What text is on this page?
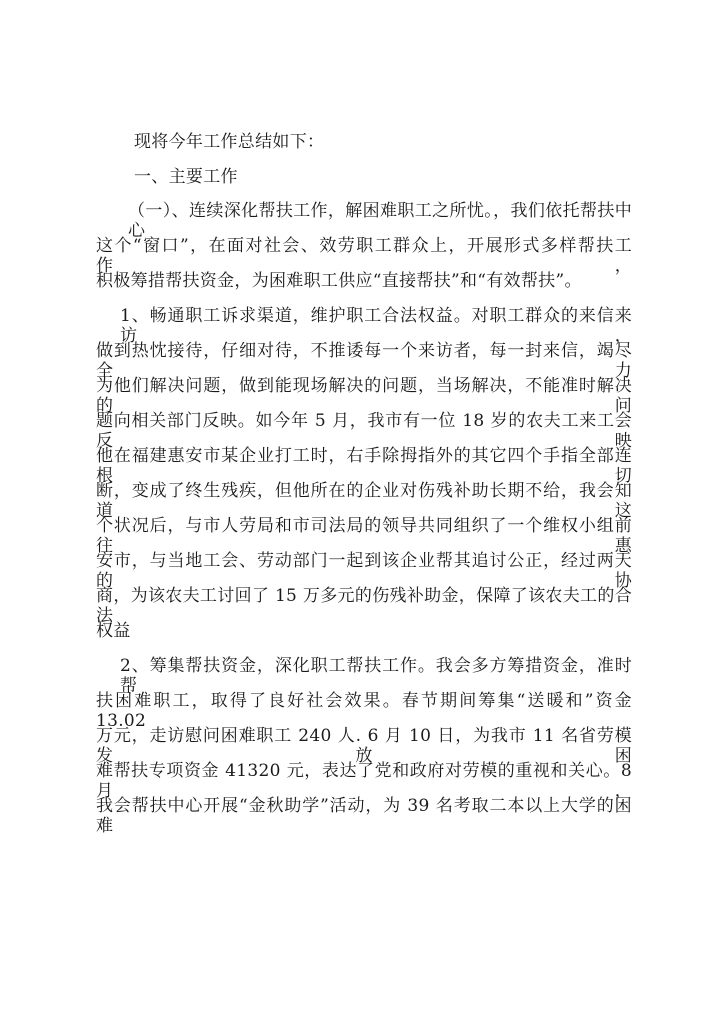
现将今年工作总结如下：
一、主要工作
（一）、连续深化帮扶工作，解困难职工之所忧。，我们依托帮扶中心
这个“窗口”，在面对社会、效劳职工群众上，开展形式多样帮扶工作，
积极筹措帮扶资金，为困难职工供应“直接帮扶”和“有效帮扶”。
1、畅通职工诉求渠道，维护职工合法权益。对职工群众的来信来访，
做到热忱接待，仔细对待，不推诿每一个来访者，每一封来信，竭尽全力
为他们解决问题，做到能现场解决的问题，当场解决，不能准时解决的问
题向相关部门反映。如今年 5 月，我市有一位 18 岁的农夫工来工会反映
他在福建惠安市某企业打工时，右手除拇指外的其它四个手指全部连根切
断，变成了终生残疾，但他所在的企业对伤残补助长期不给，我会知道这
个状况后，与市人劳局和市司法局的领导共同组织了一个维权小组前往惠
安市，与当地工会、劳动部门一起到该企业帮其追讨公正，经过两天的协
商，为该农夫工讨回了 15 万多元的伤残补助金，保障了该农夫工的合法
权益
2、筹集帮扶资金，深化职工帮扶工作。我会多方筹措资金，准时帮
扶困难职工，取得了良好社会效果。春节期间筹集“送暖和”资金 13.02
万元，走访慰问困难职工 240 人. 6 月 10 日，为我市 11 名省劳模发放困
难帮扶专项资金 41320 元，表达了党和政府对劳模的重视和关心。8 月，
我会帮扶中心开展“金秋助学”活动，为 39 名考取二本以上大学的困难
